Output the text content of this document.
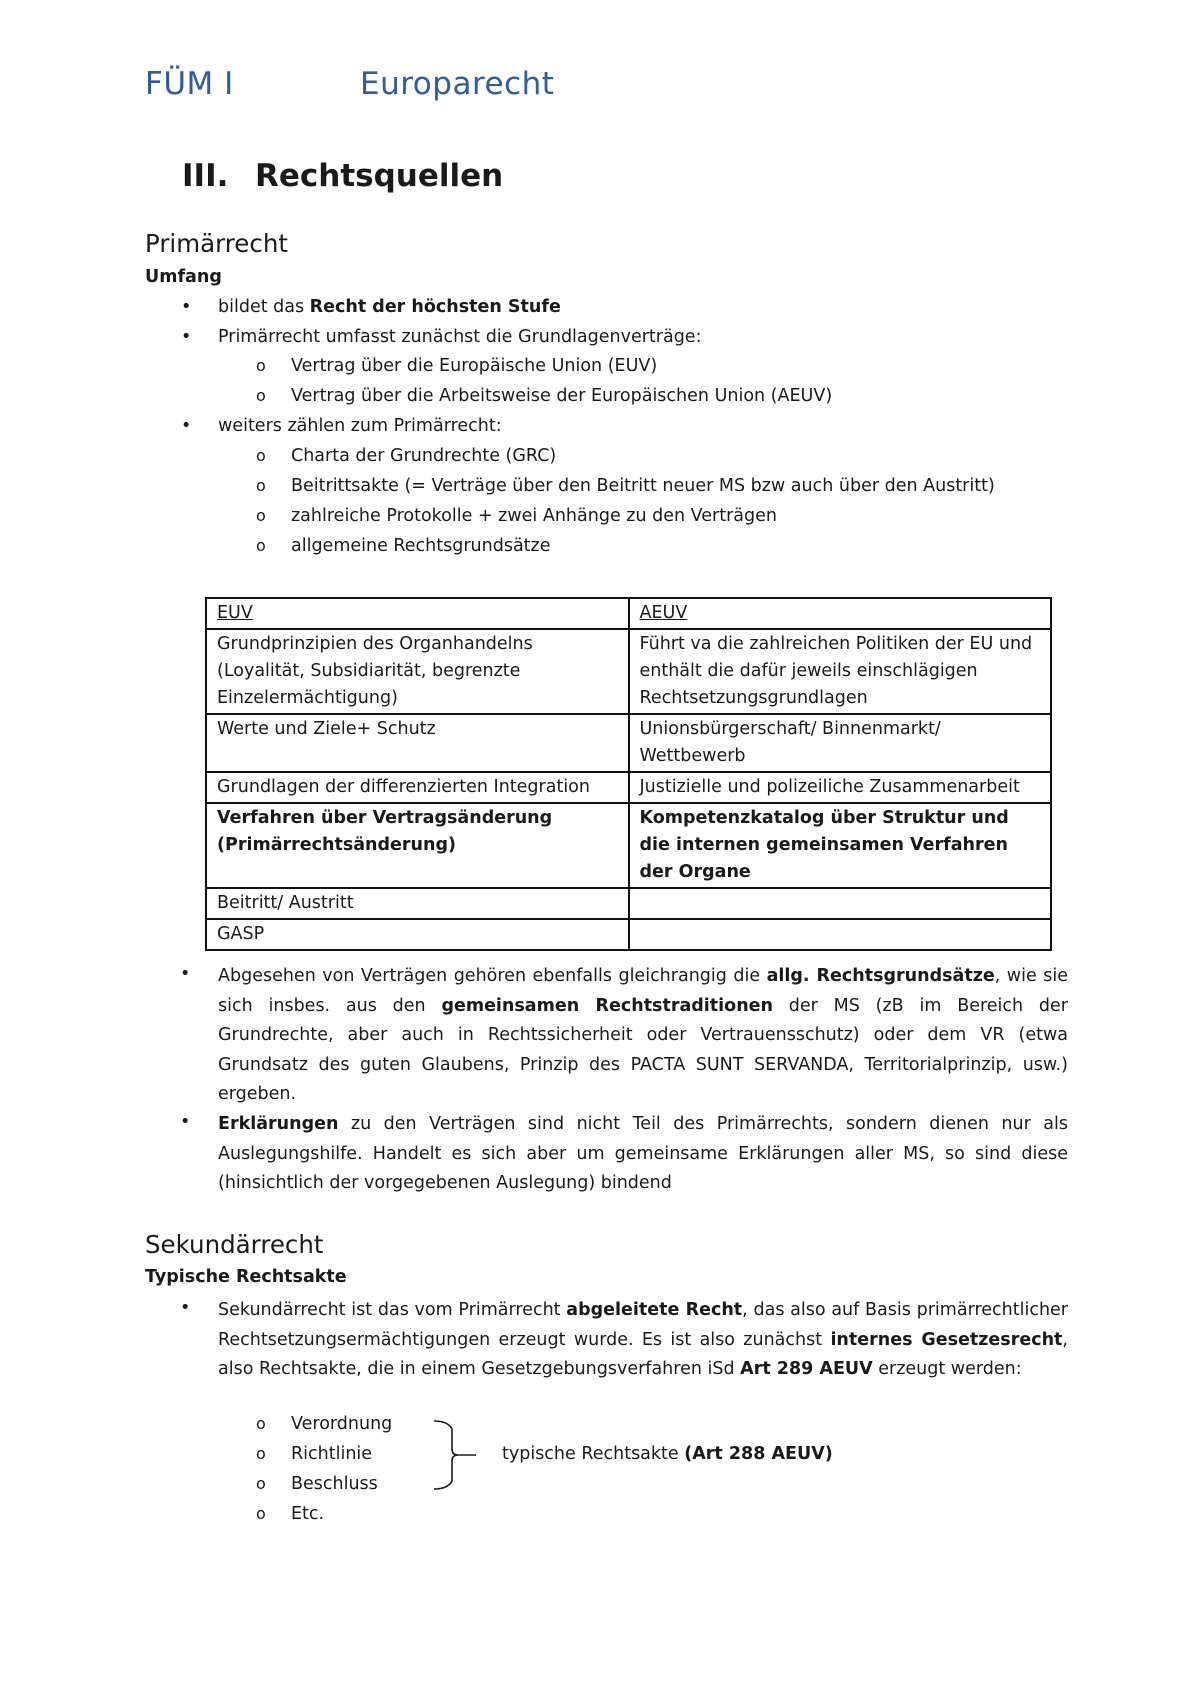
FÜM I	Europarecht
III. Rechtsquellen
Primärrecht
Umfang
• bildet das Recht der höchsten Stufe
• Primärrecht umfasst zunächst die Grundlagenverträge:
o Vertrag über die Europäische Union (EUV)
o Vertrag über die Arbeitsweise der Europäischen Union (AEUV)
• weiters zählen zum Primärrecht:
o Charta der Grundrechte (GRC)
o Beitrittsakte (= Verträge über den Beitritt neuer MS bzw auch über den Austritt)
o zahlreiche Protokolle + zwei Anhänge zu den Verträgen
o allgemeine Rechtsgrundsätze
EUV	AEUV
Grundprinzipien des Organhandelns (Loyalität, Subsidiarität, begrenzte Einzelermächtigung)	Führt va die zahlreichen Politiken der EU und enthält die dafür jeweils einschlägigen Rechtsetzungsgrundlagen
Werte und Ziele+ Schutz	Unionsbürgerschaft/ Binnenmarkt/ Wettbewerb
Grundlagen der differenzierten Integration	Justizielle und polizeiliche Zusammenarbeit
Verfahren über Vertragsänderung (Primärrechtsänderung)	Kompetenzkatalog über Struktur und die internen gemeinsamen Verfahren der Organe
Beitritt/ Austritt	
GASP	
• Abgesehen von Verträgen gehören ebenfalls gleichrangig die allg. Rechtsgrundsätze, wie sie sich insbes. aus den gemeinsamen Rechtstraditionen der MS (zB im Bereich der Grundrechte, aber auch in Rechtssicherheit oder Vertrauensschutz) oder dem VR (etwa Grundsatz des guten Glaubens, Prinzip des PACTA SUNT SERVANDA, Territorialprinzip, usw.) ergeben.
• Erklärungen zu den Verträgen sind nicht Teil des Primärrechts, sondern dienen nur als Auslegungshilfe. Handelt es sich aber um gemeinsame Erklärungen aller MS, so sind diese (hinsichtlich der vorgegebenen Auslegung) bindend
Sekundärrecht
Typische Rechtsakte
• Sekundärrecht ist das vom Primärrecht abgeleitete Recht, das also auf Basis primärrechtlicher Rechtsetzungsermächtigungen erzeugt wurde. Es ist also zunächst internes Gesetzesrecht, also Rechtsakte, die in einem Gesetzgebungsverfahren iSd Art 289 AEUV erzeugt werden:
o Verordnung
o Richtlinie
o Beschluss
o Etc.
typische Rechtsakte (Art 288 AEUV)
